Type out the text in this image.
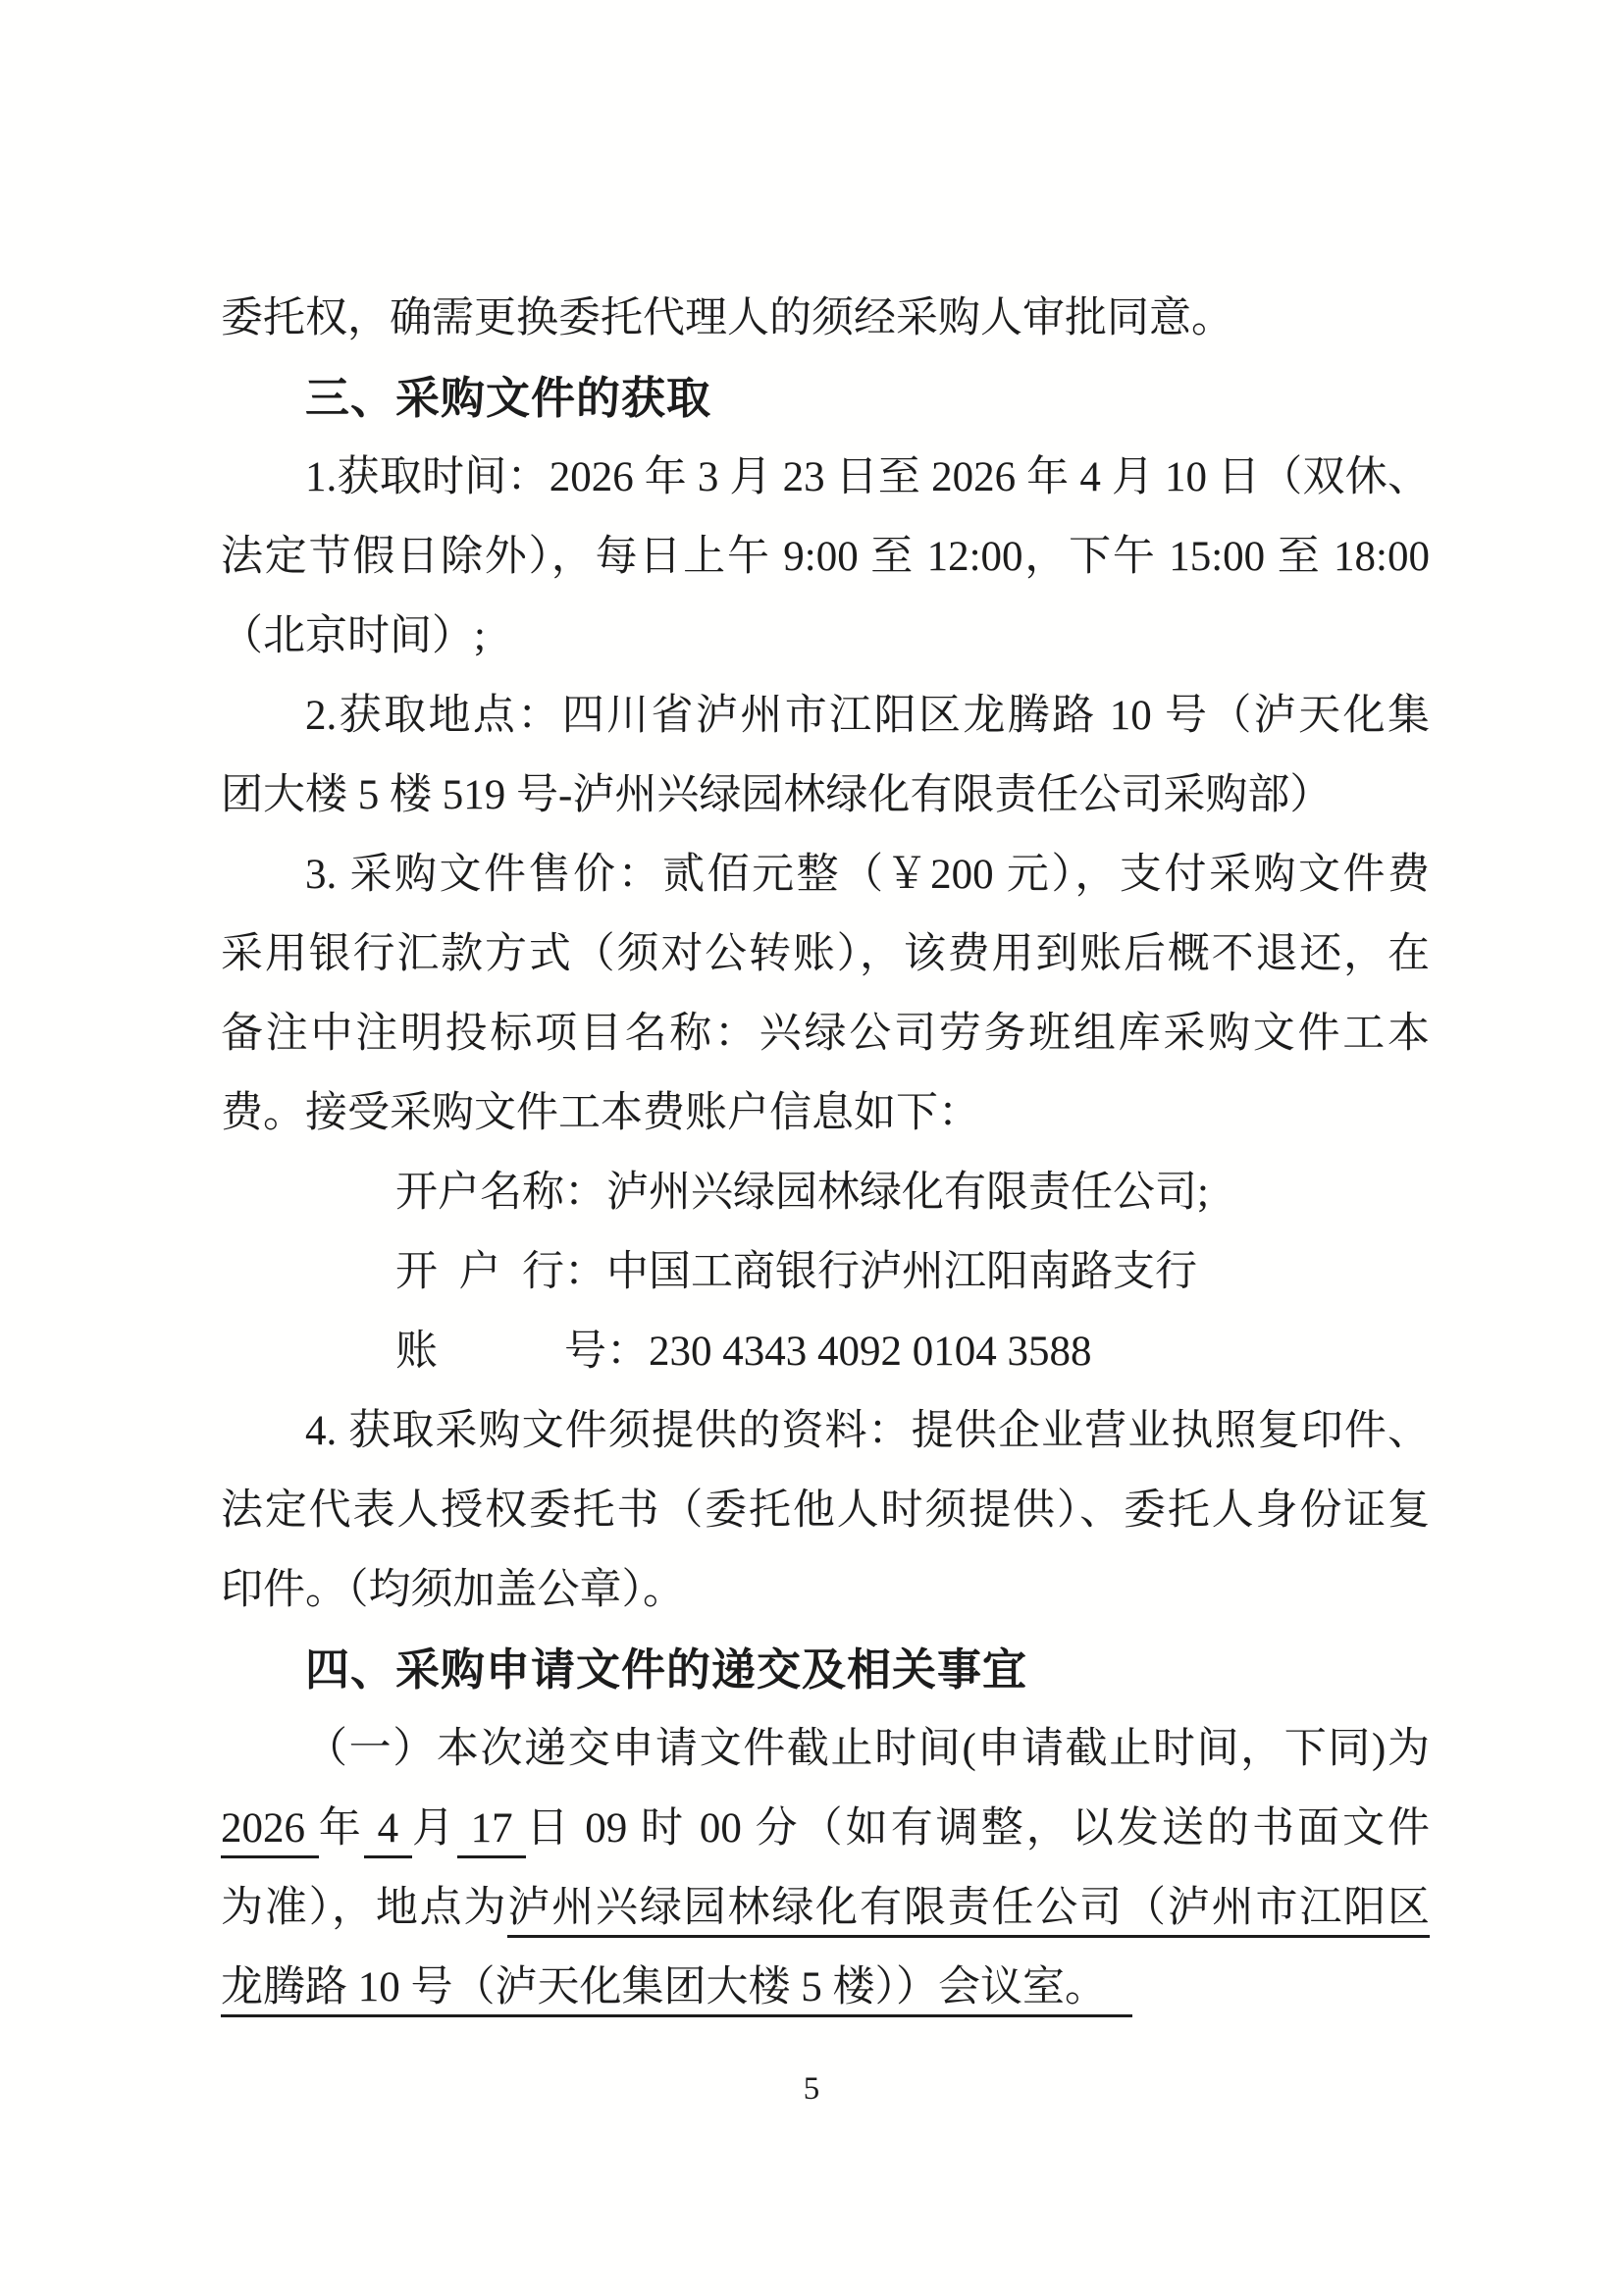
委托权，确需更换委托代理人的须经采购人审批同意。

三、采购文件的获取

1.获取时间：2026 年 3 月 23 日至 2026 年 4 月 10 日（双休、

法定节假日除外），每日上午 9:00 至 12:00，下午 15:00 至 18:00

（北京时间）;

2.获取地点：四川省泸州市江阳区龙腾路 10 号（泸天化集

团大楼 5 楼 519 号-泸州兴绿园林绿化有限责任公司采购部）

3. 采购文件售价：贰佰元整（￥200 元），支付采购文件费

采用银行汇款方式（须对公转账），该费用到账后概不退还，在

备注中注明投标项目名称：兴绿公司劳务班组库采购文件工本

费。接受采购文件工本费账户信息如下：

开户名称：泸州兴绿园林绿化有限责任公司;

开 户 行：中国工商银行泸州江阳南路支行

账　　　号：230 4343 4092 0104 3588

4. 获取采购文件须提供的资料：提供企业营业执照复印件、

法定代表人授权委托书（委托他人时须提供）、委托人身份证复

印件。（均须加盖公章）。

四、采购申请文件的递交及相关事宜

（一）本次递交申请文件截止时间(申请截止时间，下同)为

2026 年 4 月 17 日 09 时 00 分（如有调整，以发送的书面文件

为准），地点为泸州兴绿园林绿化有限责任公司（泸州市江阳区

龙腾路 10 号（泸天化集团大楼 5 楼））会议室。

5
